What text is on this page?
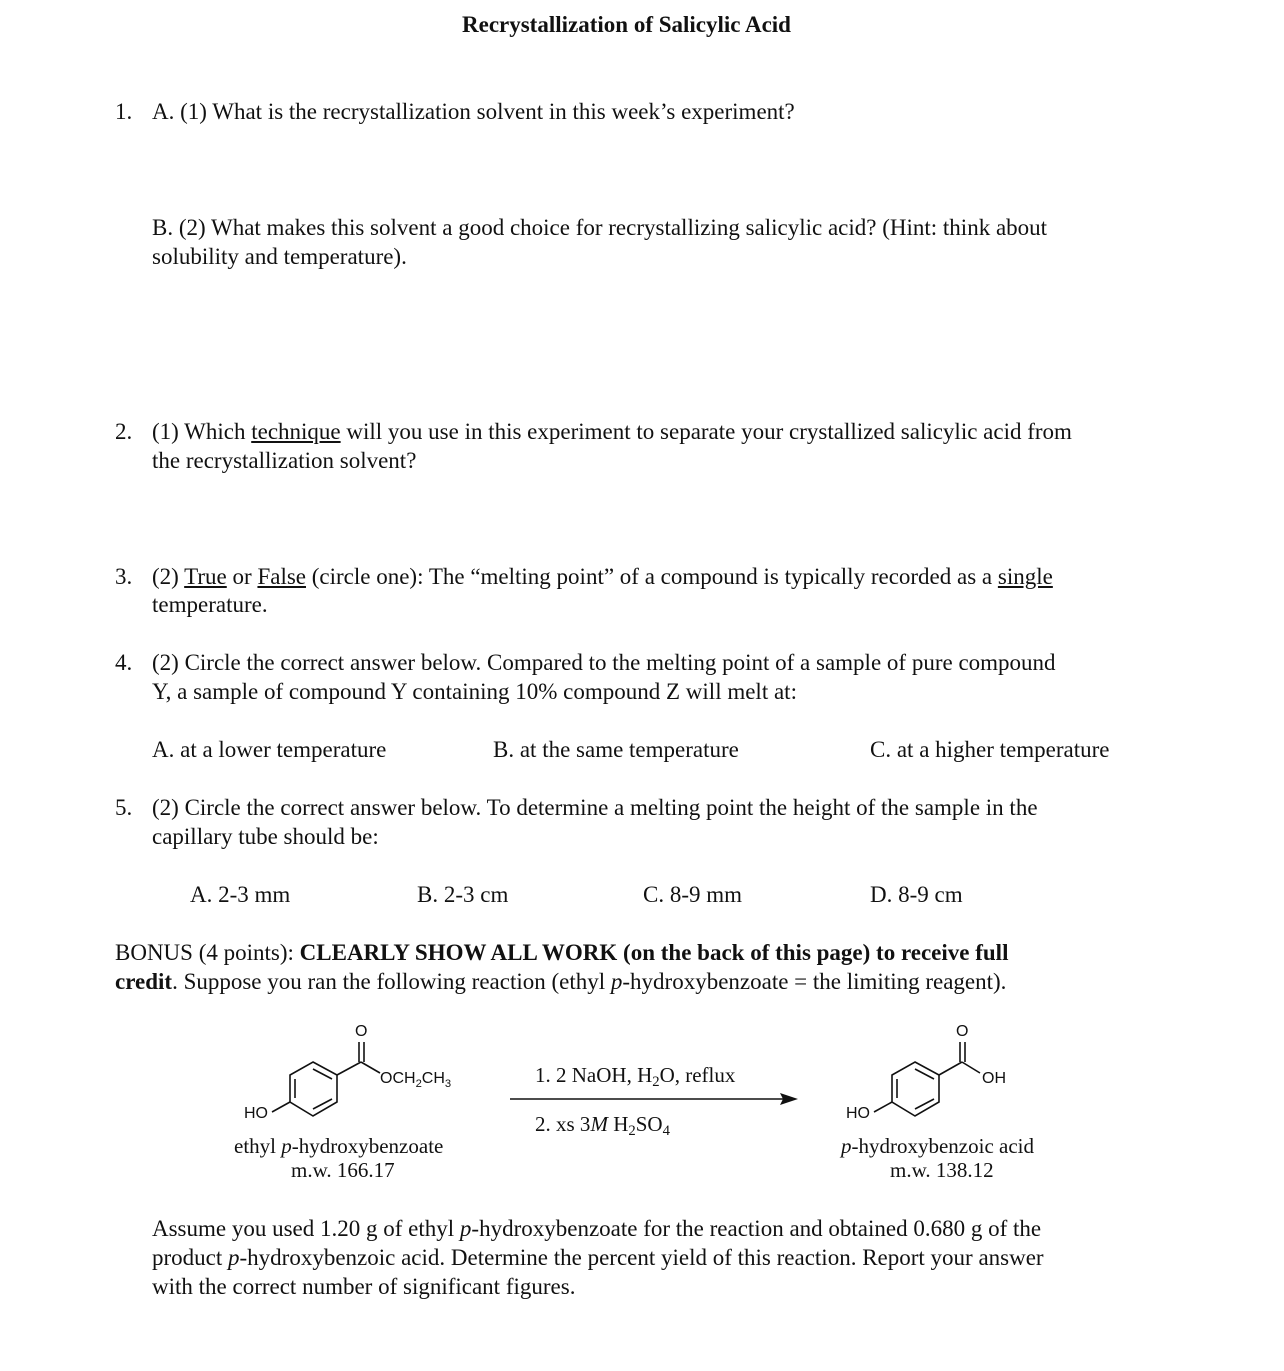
Recrystallization of Salicylic Acid
1. A. (1) What is the recrystallization solvent in this week’s experiment?
B. (2) What makes this solvent a good choice for recrystallizing salicylic acid? (Hint: think about
solubility and temperature).
2. (1) Which technique will you use in this experiment to separate your crystallized salicylic acid from
the recrystallization solvent?
3. (2) True or False (circle one): The “melting point” of a compound is typically recorded as a single
temperature.
4. (2) Circle the correct answer below. Compared to the melting point of a sample of pure compound
Y, a sample of compound Y containing 10% compound Z will melt at:
A. at a lower temperature	B. at the same temperature	C. at a higher temperature
5. (2) Circle the correct answer below. To determine a melting point the height of the sample in the
capillary tube should be:
A. 2-3 mm	B. 2-3 cm	C. 8-9 mm	D. 8-9 cm
BONUS (4 points): CLEARLY SHOW ALL WORK (on the back of this page) to receive full
credit. Suppose you ran the following reaction (ethyl p-hydroxybenzoate = the limiting reagent).
O
$OCH_2CH_3$
HO
ethyl p-hydroxybenzoate
m.w. 166.17
1. 2 NaOH, $H_2O$, reflux
2. xs 3M $H_2SO_4$
O
OH
HO
p-hydroxybenzoic acid
m.w. 138.12
Assume you used 1.20 g of ethyl p-hydroxybenzoate for the reaction and obtained 0.680 g of the
product p-hydroxybenzoic acid. Determine the percent yield of this reaction. Report your answer
with the correct number of significant figures.
